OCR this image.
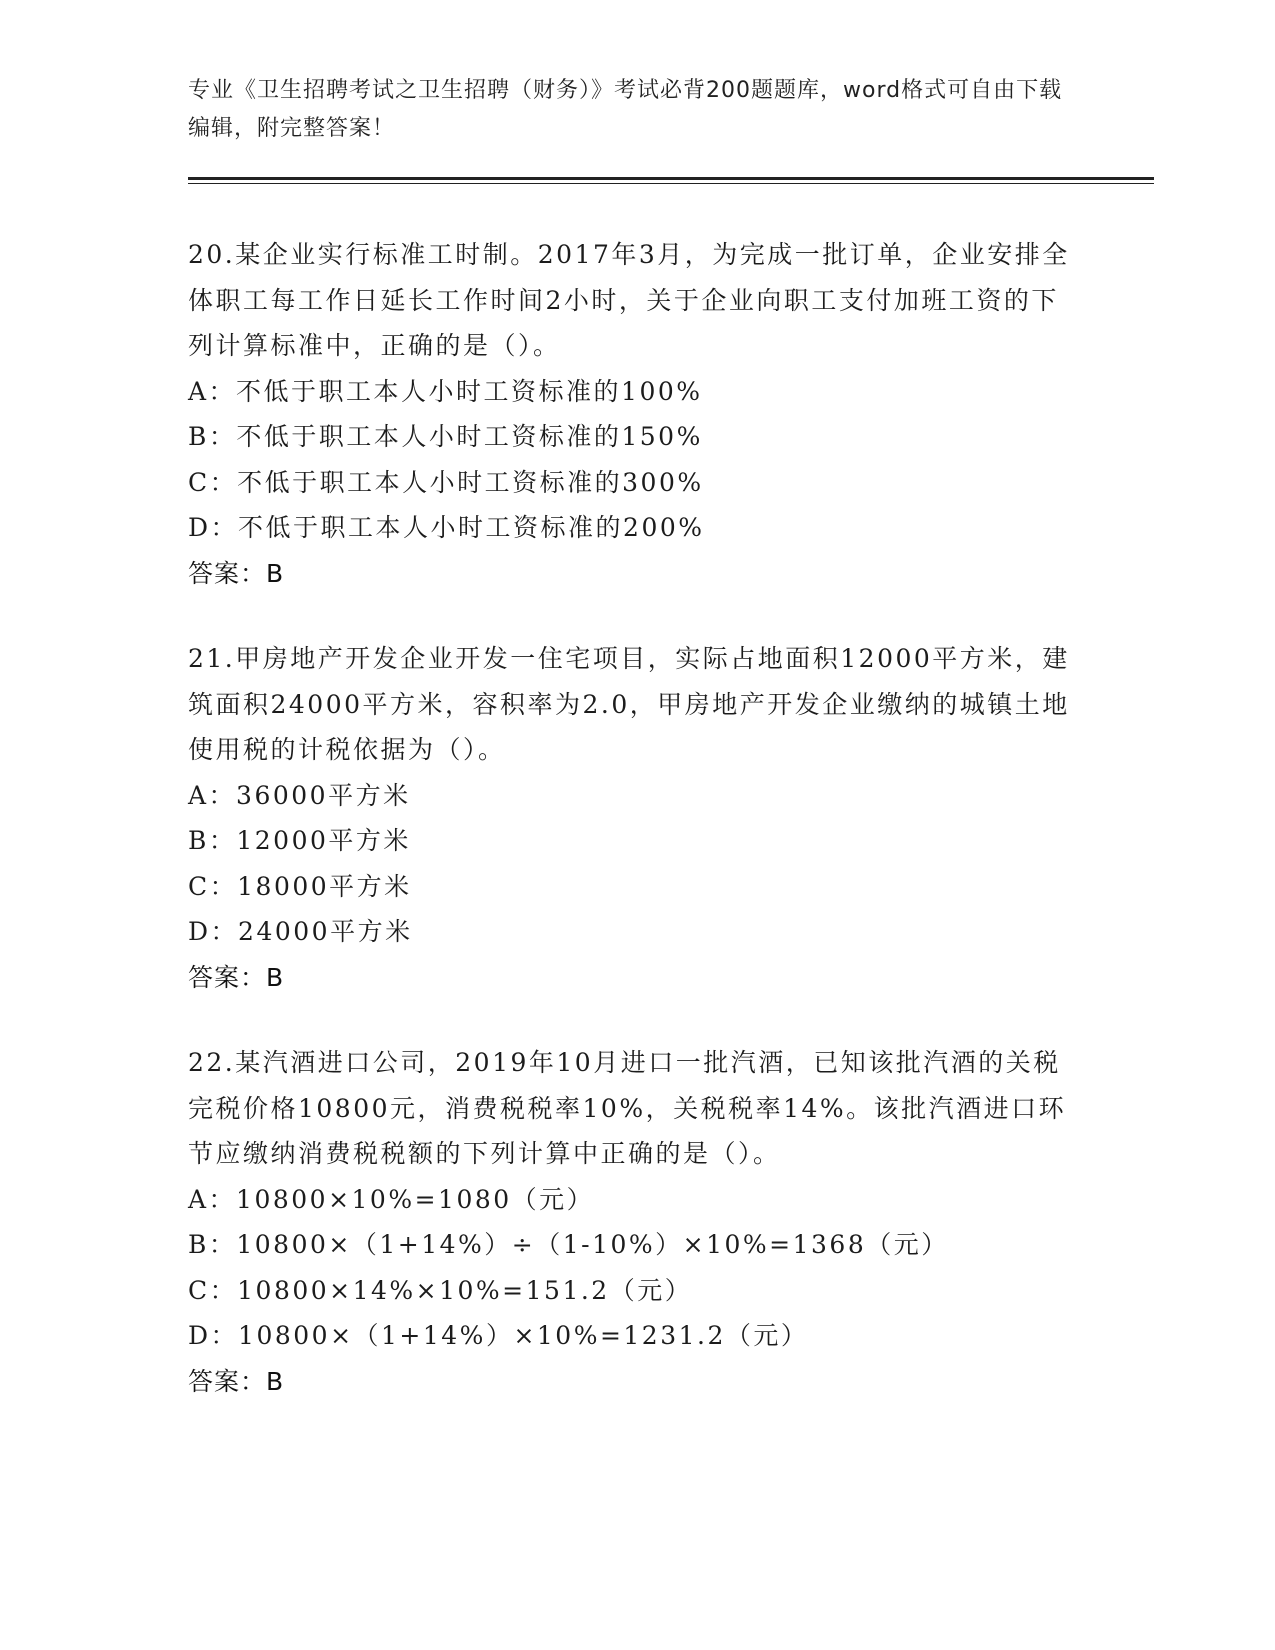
专业《卫生招聘考试之卫生招聘（财务）》考试必背200题题库，word格式可自由下载编辑，附完整答案！
20.某企业实行标准工时制。2017年3月，为完成一批订单，企业安排全体职工每工作日延长工作时间2小时，关于企业向职工支付加班工资的下列计算标准中，正确的是（）。
A：不低于职工本人小时工资标准的100%
B：不低于职工本人小时工资标准的150%
C：不低于职工本人小时工资标准的300%
D：不低于职工本人小时工资标准的200%
答案：B
21.甲房地产开发企业开发一住宅项目，实际占地面积12000平方米，建筑面积24000平方米，容积率为2.0，甲房地产开发企业缴纳的城镇土地使用税的计税依据为（）。
A：36000平方米
B：12000平方米
C：18000平方米
D：24000平方米
答案：B
22.某汽酒进口公司，2019年10月进口一批汽酒，已知该批汽酒的关税完税价格10800元，消费税税率10%，关税税率14%。该批汽酒进口环节应缴纳消费税税额的下列计算中正确的是（）。
A：10800×10%=1080（元）
B：10800×（1+14%）÷（1-10%）×10%=1368（元）
C：10800×14%×10%=151.2（元）
D：10800×（1+14%）×10%=1231.2（元）
答案：B
